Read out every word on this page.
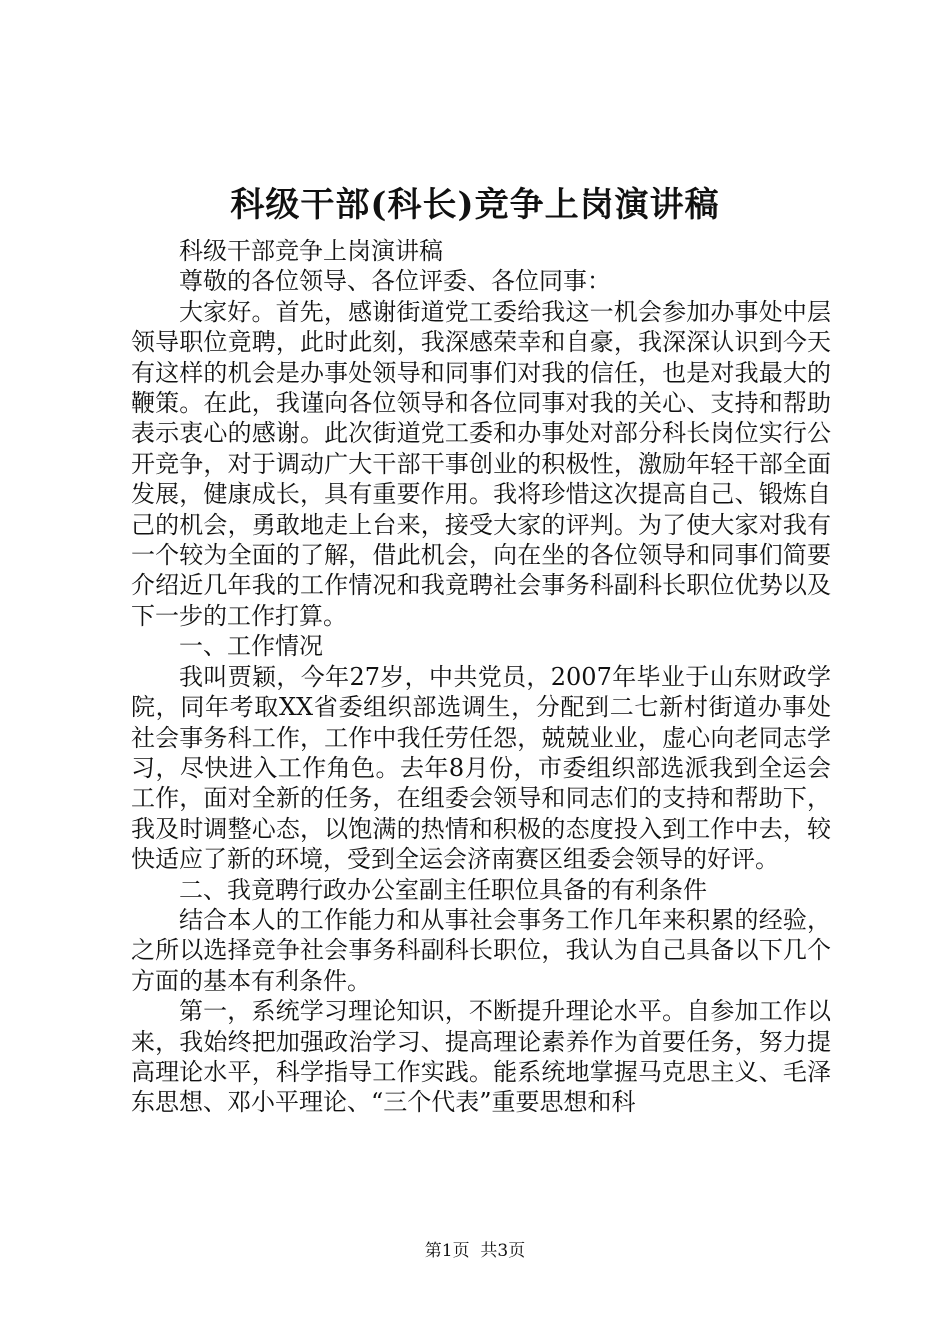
科级干部(科长)竞争上岗演讲稿

科级干部竞争上岗演讲稿

尊敬的各位领导、各位评委、各位同事：

大家好。首先，感谢街道党工委给我这一机会参加办事处中层领导职位竟聘，此时此刻，我深感荣幸和自豪，我深深认识到今天有这样的机会是办事处领导和同事们对我的信任，也是对我最大的鞭策。在此，我谨向各位领导和各位同事对我的关心、支持和帮助表示衷心的感谢。此次街道党工委和办事处对部分科长岗位实行公开竞争，对于调动广大干部干事创业的积极性，激励年轻干部全面发展，健康成长，具有重要作用。我将珍惜这次提高自己、锻炼自己的机会，勇敢地走上台来，接受大家的评判。为了使大家对我有一个较为全面的了解，借此机会，向在坐的各位领导和同事们简要介绍近几年我的工作情况和我竟聘社会事务科副科长职位优势以及下一步的工作打算。

一、工作情况

我叫贾颖，今年27岁，中共党员，2007年毕业于山东财政学院，同年考取XX省委组织部选调生，分配到二七新村街道办事处社会事务科工作，工作中我任劳任怨，兢兢业业，虚心向老同志学习，尽快进入工作角色。去年8月份，市委组织部选派我到全运会工作，面对全新的任务，在组委会领导和同志们的支持和帮助下，我及时调整心态，以饱满的热情和积极的态度投入到工作中去，较快适应了新的环境，受到全运会济南赛区组委会领导的好评。

二、我竟聘行政办公室副主任职位具备的有利条件

结合本人的工作能力和从事社会事务工作几年来积累的经验，之所以选择竞争社会事务科副科长职位，我认为自己具备以下几个方面的基本有利条件。

第一，系统学习理论知识，不断提升理论水平。自参加工作以来，我始终把加强政治学习、提高理论素养作为首要任务，努力提高理论水平，科学指导工作实践。能系统地掌握马克思主义、毛泽东思想、邓小平理论、“三个代表”重要思想和科

第1页 共3页
